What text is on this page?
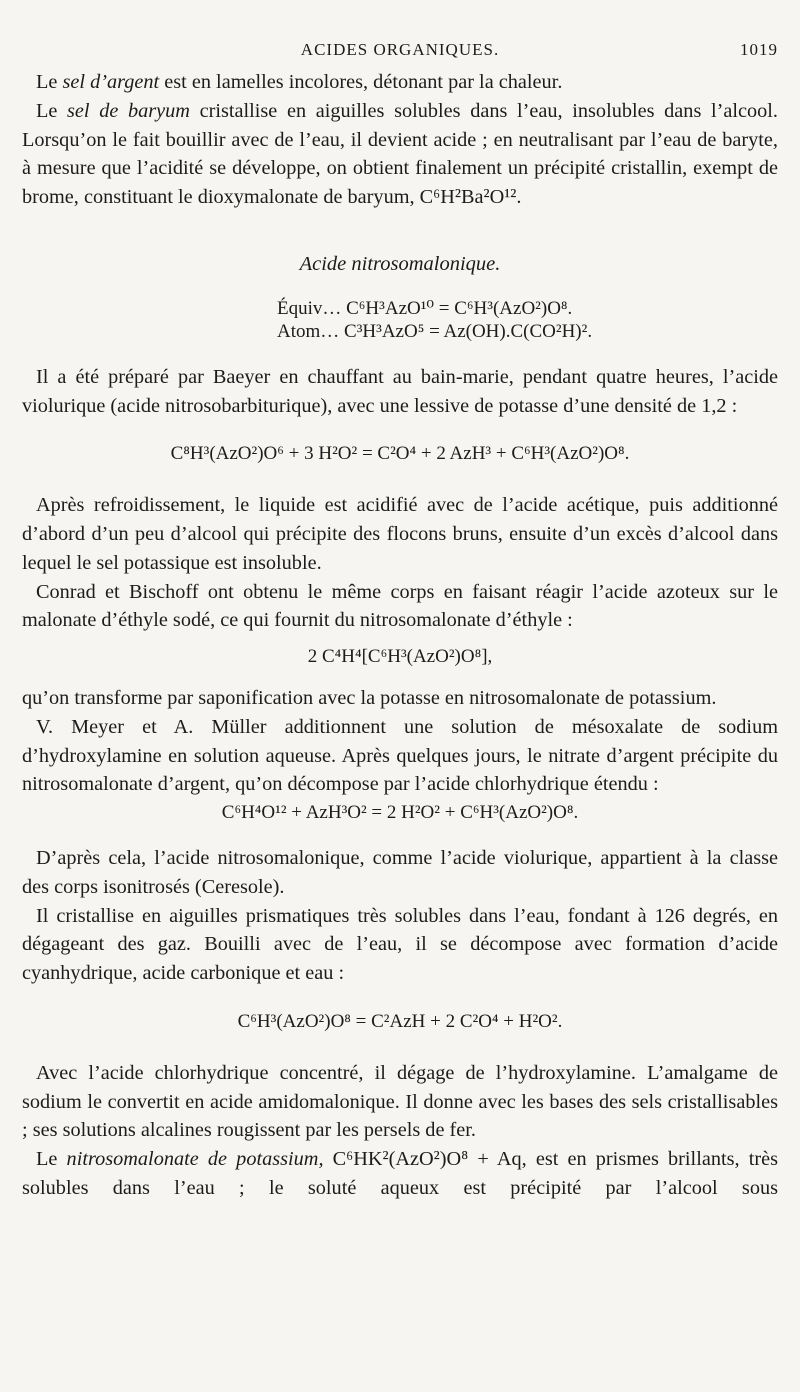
ACIDES ORGANIQUES.	1019

Le sel d’argent est en lamelles incolores, détonant par la chaleur.

Le sel de baryum cristallise en aiguilles solubles dans l’eau, insolubles dans l’alcool. Lorsqu’on le fait bouillir avec de l’eau, il devient acide ; en neutralisant par l’eau de baryte, à mesure que l’acidité se développe, on obtient finalement un précipité cristallin, exempt de brome, constituant le dioxymalonate de baryum, C⁶H²Ba²O¹².

Acide nitrosomalonique.
Équiv… C⁶H³AzO¹⁰ = C⁶H³(AzO²)O⁸.
Atom… C³H³AzO⁵ = Az(OH).C(CO²H)².

Il a été préparé par Baeyer en chauffant au bain-marie, pendant quatre heures, l’acide violurique (acide nitrosobarbiturique), avec une lessive de potasse d’une densité de 1,2 :

C⁸H³(AzO²)O⁶ + 3 H²O² = C²O⁴ + 2 AzH³ + C⁶H³(AzO²)O⁸.

Après refroidissement, le liquide est acidifié avec de l’acide acétique, puis additionné d’abord d’un peu d’alcool qui précipite des flocons bruns, ensuite d’un excès d’alcool dans lequel le sel potassique est insoluble.

Conrad et Bischoff ont obtenu le même corps en faisant réagir l’acide azoteux sur le malonate d’éthyle sodé, ce qui fournit du nitrosomalonate d’éthyle :

2 C⁴H⁴[C⁶H³(AzO²)O⁸],

qu’on transforme par saponification avec la potasse en nitrosomalonate de potassium.

V. Meyer et A. Müller additionnent une solution de mésoxalate de sodium d’hydroxylamine en solution aqueuse. Après quelques jours, le nitrate d’argent précipite du nitrosomalonate d’argent, qu’on décompose par l’acide chlorhydrique étendu :

C⁶H⁴O¹² + AzH³O² = 2 H²O² + C⁶H³(AzO²)O⁸.

D’après cela, l’acide nitrosomalonique, comme l’acide violurique, appartient à la classe des corps isonitrosés (Ceresole).

Il cristallise en aiguilles prismatiques très solubles dans l’eau, fondant à 126 degrés, en dégageant des gaz. Bouilli avec de l’eau, il se décompose avec formation d’acide cyanhydrique, acide carbonique et eau :

C⁶H³(AzO²)O⁸ = C²AzH + 2 C²O⁴ + H²O².

Avec l’acide chlorhydrique concentré, il dégage de l’hydroxylamine. L’amalgame de sodium le convertit en acide amidomalonique. Il donne avec les bases des sels cristallisables ; ses solutions alcalines rougissent par les persels de fer.

Le nitrosomalonate de potassium, C⁶HK²(AzO²)O⁸ + Aq, est en prismes brillants, très solubles dans l’eau ; le soluté aqueux est précipité par l’alcool sous
